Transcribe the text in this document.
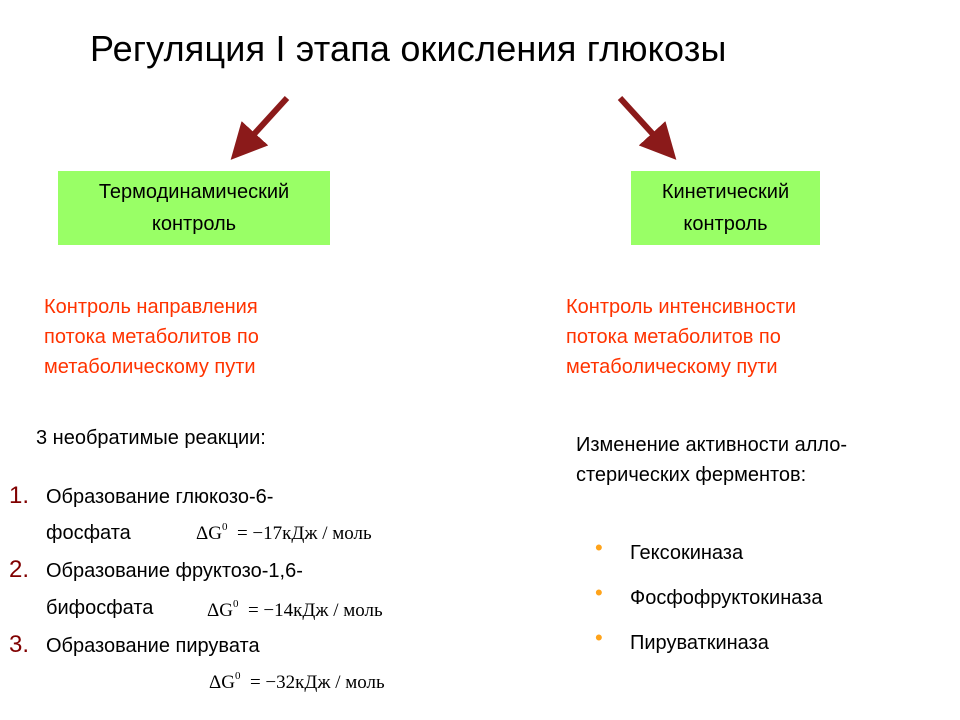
Регуляция I этапа окисления глюкозы
Термодинамический
контроль
Кинетический
контроль
Контроль направления
потока метаболитов по
метаболическому пути
Контроль интенсивности
потока метаболитов по
метаболическому пути
3 необратимые реакции:
1. Образование глюкозо-6-
фосфата	$\Delta G^0 = -17кДж$ / моль
2. Образование фруктозо-1,6-
бифосфата	$\Delta G^0 = -14кДж$ / моль
3. Образование пирувата
$\Delta G^0 = -32кДж$ / моль
Изменение активности алло-
стерических ферментов:
• Гексокиназа
• Фосфофруктокиназа
• Пируваткиназа
